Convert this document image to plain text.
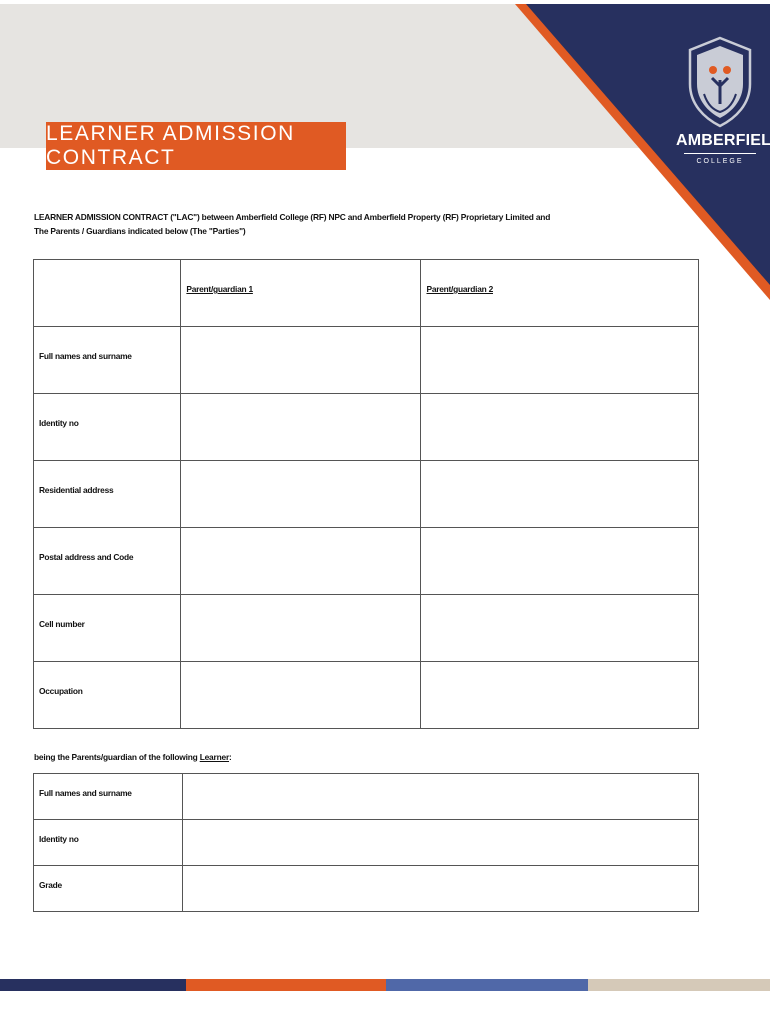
LEARNER ADMISSION CONTRACT
AMBERFIELD
COLLEGE
LEARNER ADMISSION CONTRACT ("LAC") between Amberfield College (RF) NPC and Amberfield Property (RF) Proprietary Limited and
The Parents / Guardians indicated below (The "Parties")
	Parent/guardian 1	Parent/guardian 2
Full names and surname		
Identity no		
Residential address		
Postal address and Code		
Cell number		
Occupation		
being the Parents/guardian of the following Learner:
Full names and surname	
Identity no	
Grade	
